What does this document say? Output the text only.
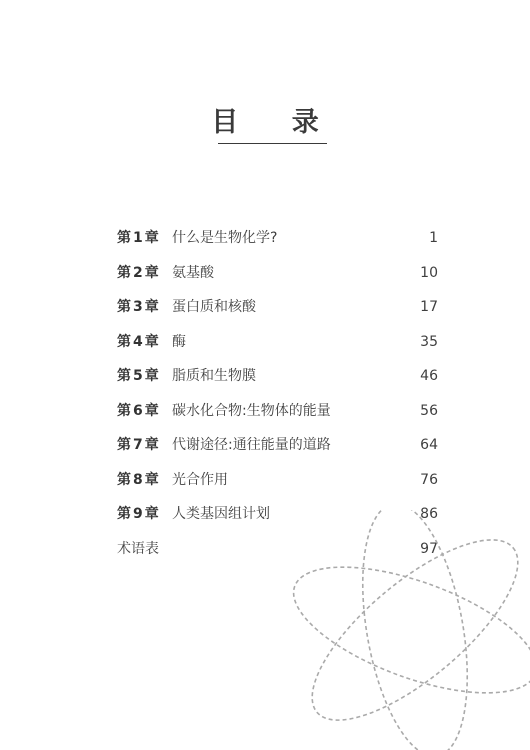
目 录
第 1 章 什么是生物化学?	1
第 2 章 氨基酸	10
第 3 章 蛋白质和核酸	17
第 4 章 酶	35
第 5 章 脂质和生物膜	46
第 6 章 碳水化合物:生物体的能量	56
第 7 章 代谢途径:通往能量的道路	64
第 8 章 光合作用	76
第 9 章 人类基因组计划	86
术语表	97
